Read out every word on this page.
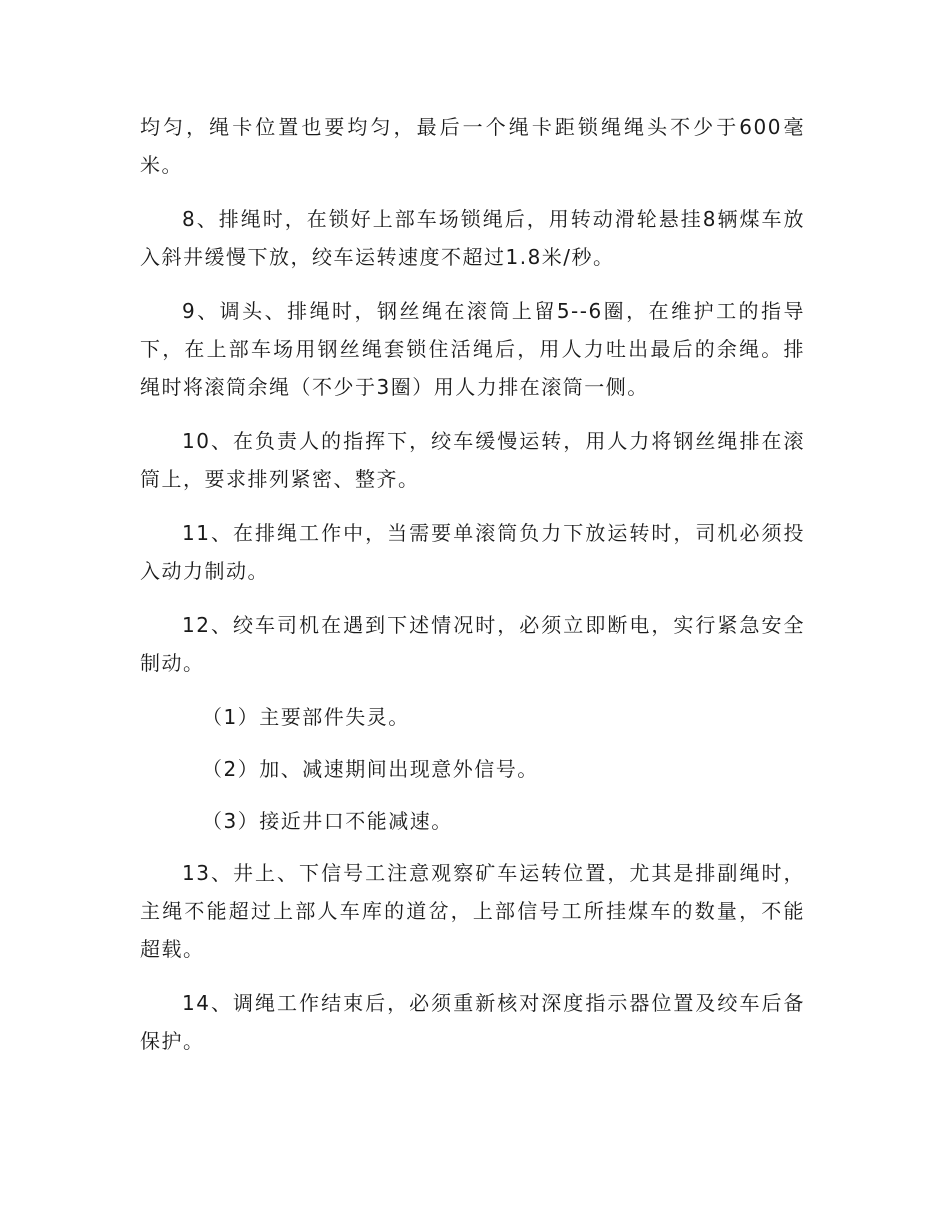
均匀，绳卡位置也要均匀，最后一个绳卡距锁绳绳头不少于600毫米。

8、排绳时，在锁好上部车场锁绳后，用转动滑轮悬挂8辆煤车放入斜井缓慢下放，绞车运转速度不超过1.8米/秒。

9、调头、排绳时，钢丝绳在滚筒上留5--6圈，在维护工的指导下，在上部车场用钢丝绳套锁住活绳后，用人力吐出最后的余绳。排绳时将滚筒余绳（不少于3圈）用人力排在滚筒一侧。

10、在负责人的指挥下，绞车缓慢运转，用人力将钢丝绳排在滚筒上，要求排列紧密、整齐。

11、在排绳工作中，当需要单滚筒负力下放运转时，司机必须投入动力制动。

12、绞车司机在遇到下述情况时，必须立即断电，实行紧急安全制动。

（1）主要部件失灵。

（2）加、减速期间出现意外信号。

（3）接近井口不能减速。

13、井上、下信号工注意观察矿车运转位置，尤其是排副绳时，主绳不能超过上部人车库的道岔，上部信号工所挂煤车的数量，不能超载。

14、调绳工作结束后，必须重新核对深度指示器位置及绞车后备保护。
